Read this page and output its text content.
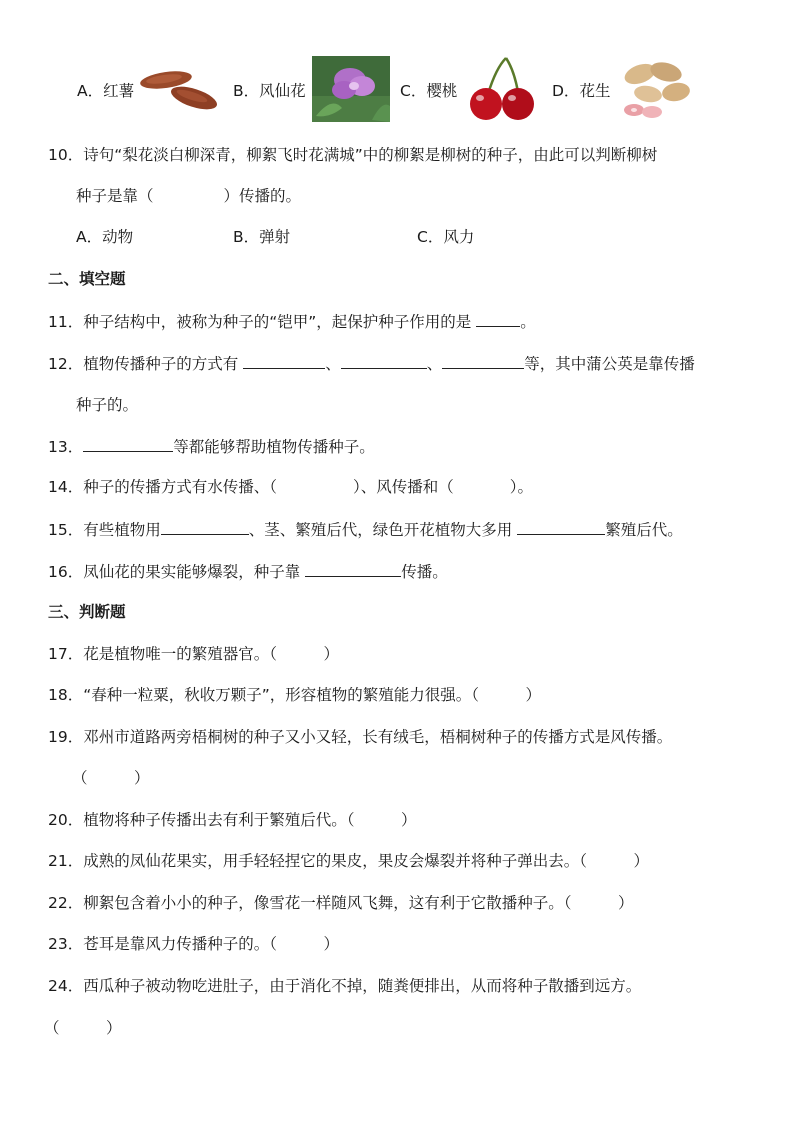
A．红薯	B．风仙花	C．樱桃	D．花生
10．诗句“梨花淡白柳深青，柳絮飞时花满城”中的柳絮是柳树的种子，由此可以判断柳树
种子是靠（	）传播的。
A．动物	B．弹射	C．风力
二、填空题
11．种子结构中，被称为种子的“铠甲”，起保护种子作用的是	。
12．植物传播种子的方式有	、	、	等，其中蒲公英是靠传播
种子的。
13．	等都能够帮助植物传播种子。
14．种子的传播方式有水传播、（	）、风传播和（	）。
15．有些植物用	、茎、繁殖后代，绿色开花植物大多用	繁殖后代。
16．凤仙花的果实能够爆裂，种子靠	传播。
三、判断题
17．花是植物唯一的繁殖器官。（　　　）
18．“春种一粒粟，秋收万颗子”，形容植物的繁殖能力很强。（　　　）
19．邓州市道路两旁梧桐树的种子又小又轻，长有绒毛，梧桐树种子的传播方式是风传播。
（　　　）
20．植物将种子传播出去有利于繁殖后代。（　　　）
21．成熟的凤仙花果实，用手轻轻捏它的果皮，果皮会爆裂并将种子弹出去。（　　　）
22．柳絮包含着小小的种子，像雪花一样随风飞舞，这有利于它散播种子。（　　　）
23．苍耳是靠风力传播种子的。（　　　）
24．西瓜种子被动物吃进肚子，由于消化不掉，随粪便排出，从而将种子散播到远方。
（　　　）
